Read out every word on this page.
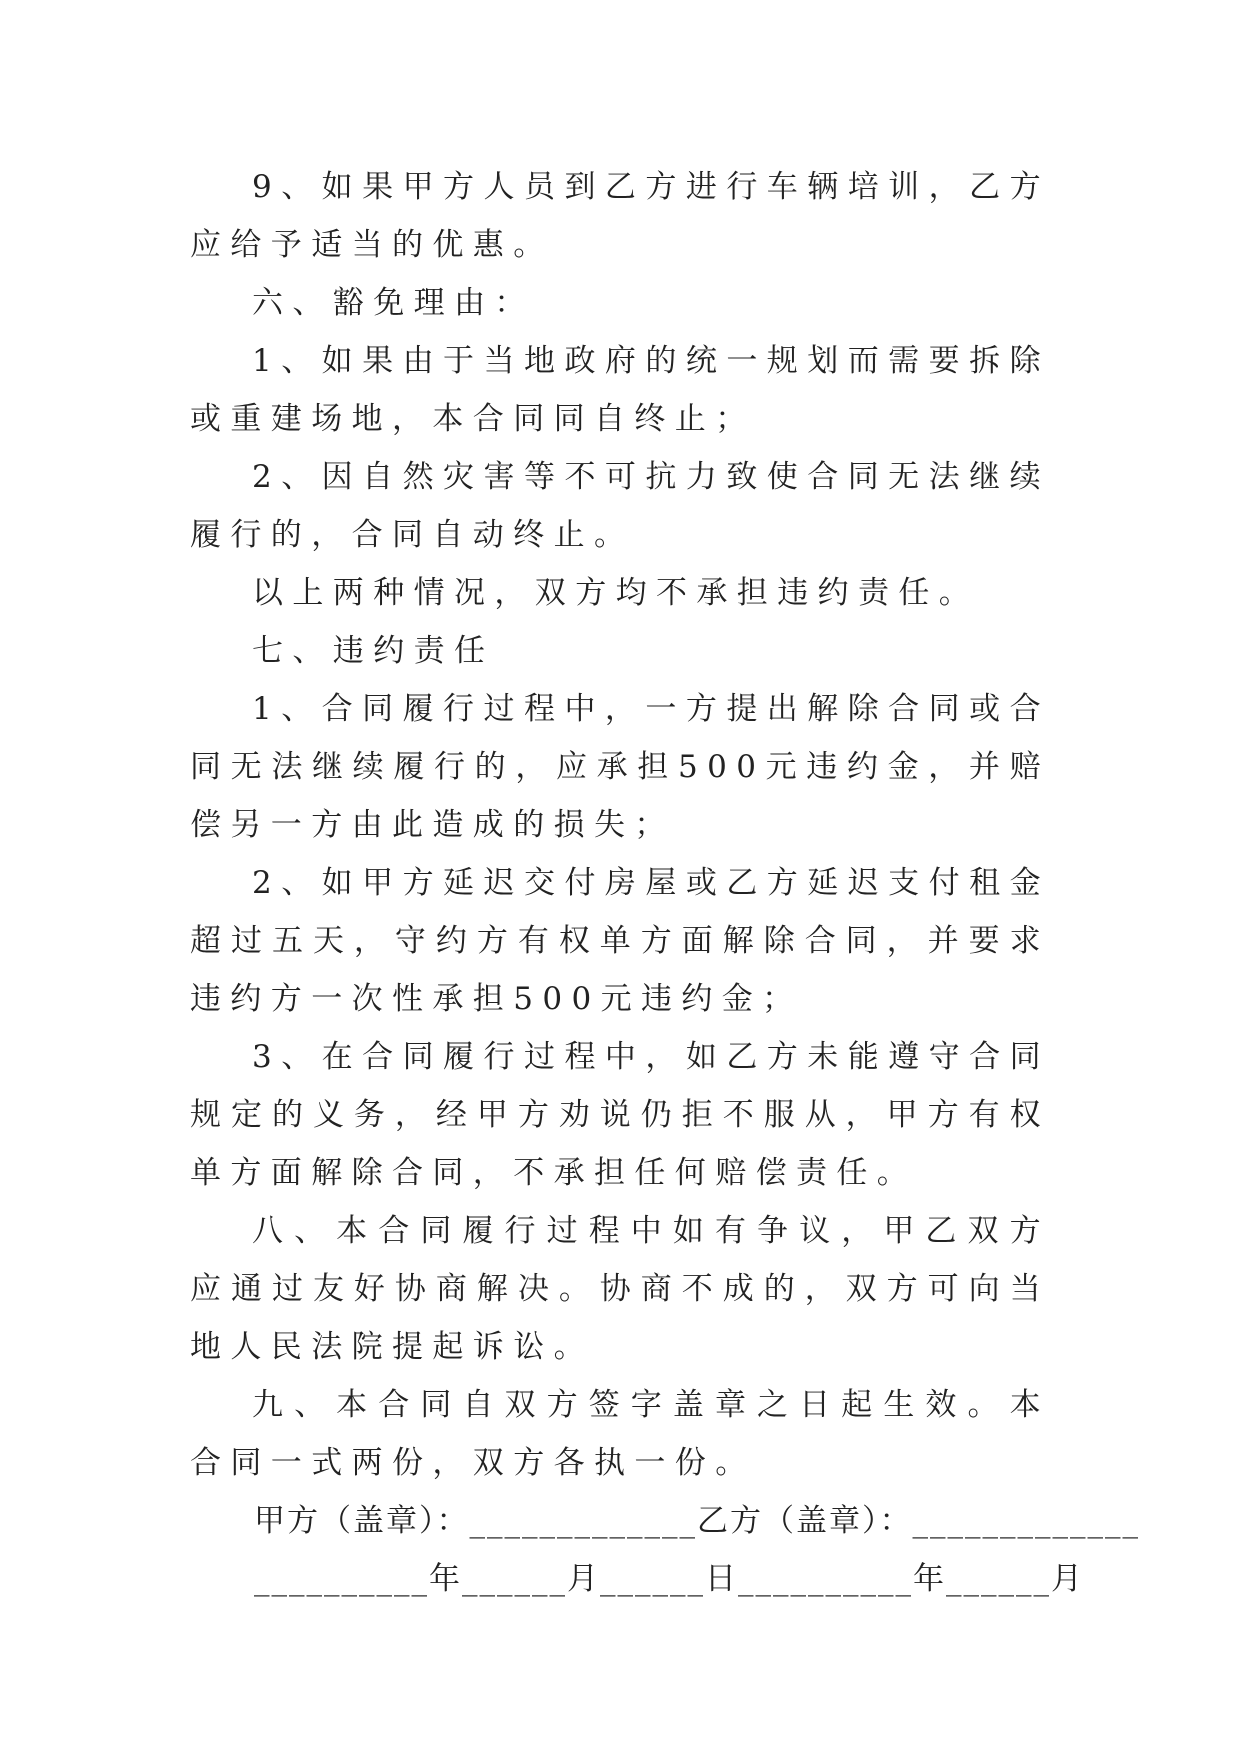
9、如果甲方人员到乙方进行车辆培训，乙方应给予适当的优惠。

六、豁免理由：

1、如果由于当地政府的统一规划而需要拆除或重建场地，本合同同自终止；

2、因自然灾害等不可抗力致使合同无法继续履行的，合同自动终止。

以上两种情况，双方均不承担违约责任。

七、违约责任

1、合同履行过程中，一方提出解除合同或合同无法继续履行的，应承担500元违约金，并赔偿另一方由此造成的损失；

2、如甲方延迟交付房屋或乙方延迟支付租金超过五天，守约方有权单方面解除合同，并要求违约方一次性承担500元违约金；

3、在合同履行过程中，如乙方未能遵守合同规定的义务，经甲方劝说仍拒不服从，甲方有权单方面解除合同，不承担任何赔偿责任。

八、本合同履行过程中如有争议，甲乙双方应通过友好协商解决。协商不成的，双方可向当地人民法院提起诉讼。

九、本合同自双方签字盖章之日起生效。本合同一式两份，双方各执一份。

甲方（盖章）：_____________乙方（盖章）：_____________

__________年______月______日__________年______月
